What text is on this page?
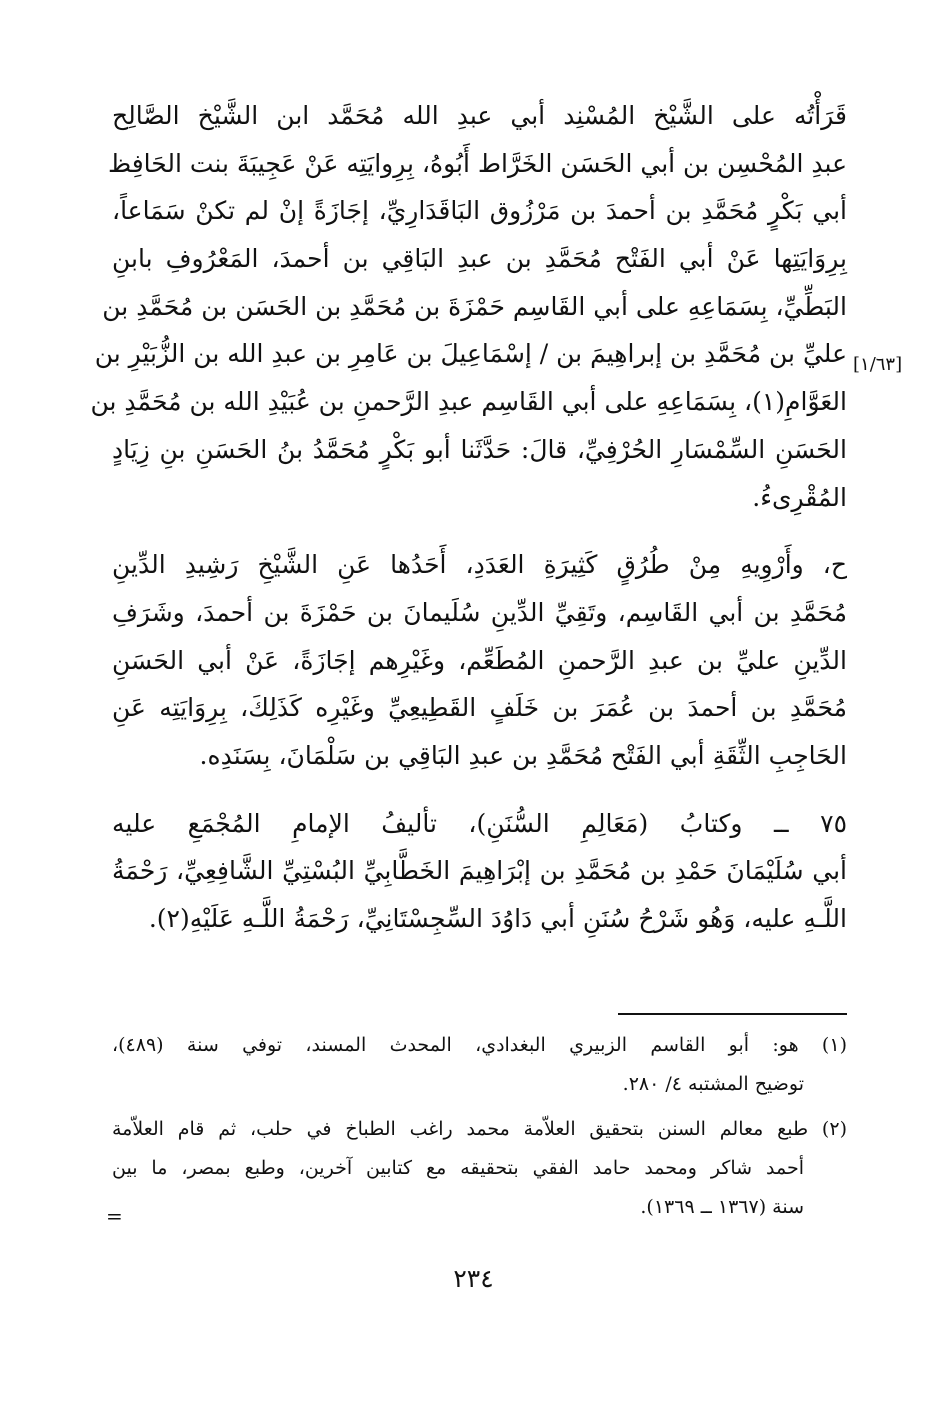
قَرَأْتُه على الشَّيْخ المُسْنِد أبي عبدِ الله مُحَمَّد ابن الشَّيْخ الصَّالِح
عبدِ المُحْسِن بن أبي الحَسَن الخَرَّاط أَبُوهُ، بِرِوايَتِه عَنْ عَجِيبَةَ بنت الحَافِظ
أبي بَكْرٍ مُحَمَّدِ بن أحمدَ بن مَرْزُوق البَاقَدَارِيِّ، إجَازَةً إنْ لم تكنْ سَمَاعاً،
بِرِوَايَتِها عَنْ أبي الفَتْح مُحَمَّدِ بن عبدِ البَاقِي بن أحمدَ، المَعْرُوفِ بابنِ
البَطِّيِّ، بِسَمَاعِهِ على أبي القَاسِم حَمْزَةَ بن مُحَمَّدِ بن الحَسَن بن مُحَمَّدِ بن
عليِّ بن مُحَمَّدِ بن إبراهِيمَ بن / إسْمَاعِيلَ بن عَامِرِ بن عبدِ الله بن الزُّبَيْرِ بن
العَوَّامِ(١)، بِسَمَاعِهِ على أبي القَاسِم عبدِ الرَّحمنِ بن عُبَيْدِ الله بن مُحَمَّدِ بن
الحَسَنِ السِّمْسَارِ الحُرْفِيِّ، قالَ: حَدَّثَنا أبو بَكْرٍ مُحَمَّدُ بنُ الحَسَنِ بنِ زِيَادٍ
المُقْرِىءُ.
ح، وأَرْوِيهِ مِنْ طُرُقٍ كَثِيرَةِ العَدَدِ، أَحَدُها عَنِ الشَّيْخِ رَشِيدِ الدِّينِ
مُحَمَّدِ بن أبي القَاسِم، وتَقِيِّ الدِّينِ سُلَيمانَ بن حَمْزَةَ بن أحمدَ، وشَرَفِ
الدِّينِ عليِّ بن عبدِ الرَّحمنِ المُطَعِّم، وغَيْرِهم إجَازَةً، عَنْ أبي الحَسَنِ
مُحَمَّدِ بن أحمدَ بن عُمَرَ بن خَلَفٍ القَطِيعِيِّ وغَيْرِه كَذَلِكَ، بِرِوَايَتِه عَنِ
الحَاجِبِ الثِّقَةِ أبي الفَتْح مُحَمَّدِ بن عبدِ البَاقِي بن سَلْمَانَ، بِسَنَدِه.
٧٥ ــ وكتابُ (مَعَالِمِ السُّنَنِ)، تأليفُ الإمامِ المُجْمَعِ عليه
أبي سُلَيْمَانَ حَمْدِ بن مُحَمَّدِ بن إبْرَاهِيمَ الخَطَّابِيِّ البُسْتِيِّ الشَّافِعِيِّ، رَحْمَةُ
اللَّـهِ عليه، وَهُو شَرْحُ سُنَنِ أبي دَاوُدَ السِّجِسْتَانِيِّ، رَحْمَةُ اللَّـهِ عَلَيْهِ(٢).
[١/٦٣]
(١) هو: أبو القاسم الزبيري البغدادي، المحدث المسند، توفي سنة (٤٨٩)،
توضيح المشتبه ٤/ ٢٨٠.
(٢) طبع معالم السنن بتحقيق العلاّمة محمد راغب الطباخ في حلب، ثم قام العلاّمة
أحمد شاكر ومحمد حامد الفقي بتحقيقه مع كتابين آخرين، وطبع بمصر، ما بين
سنة (١٣٦٧ ــ ١٣٦٩).
=
٢٣٤
